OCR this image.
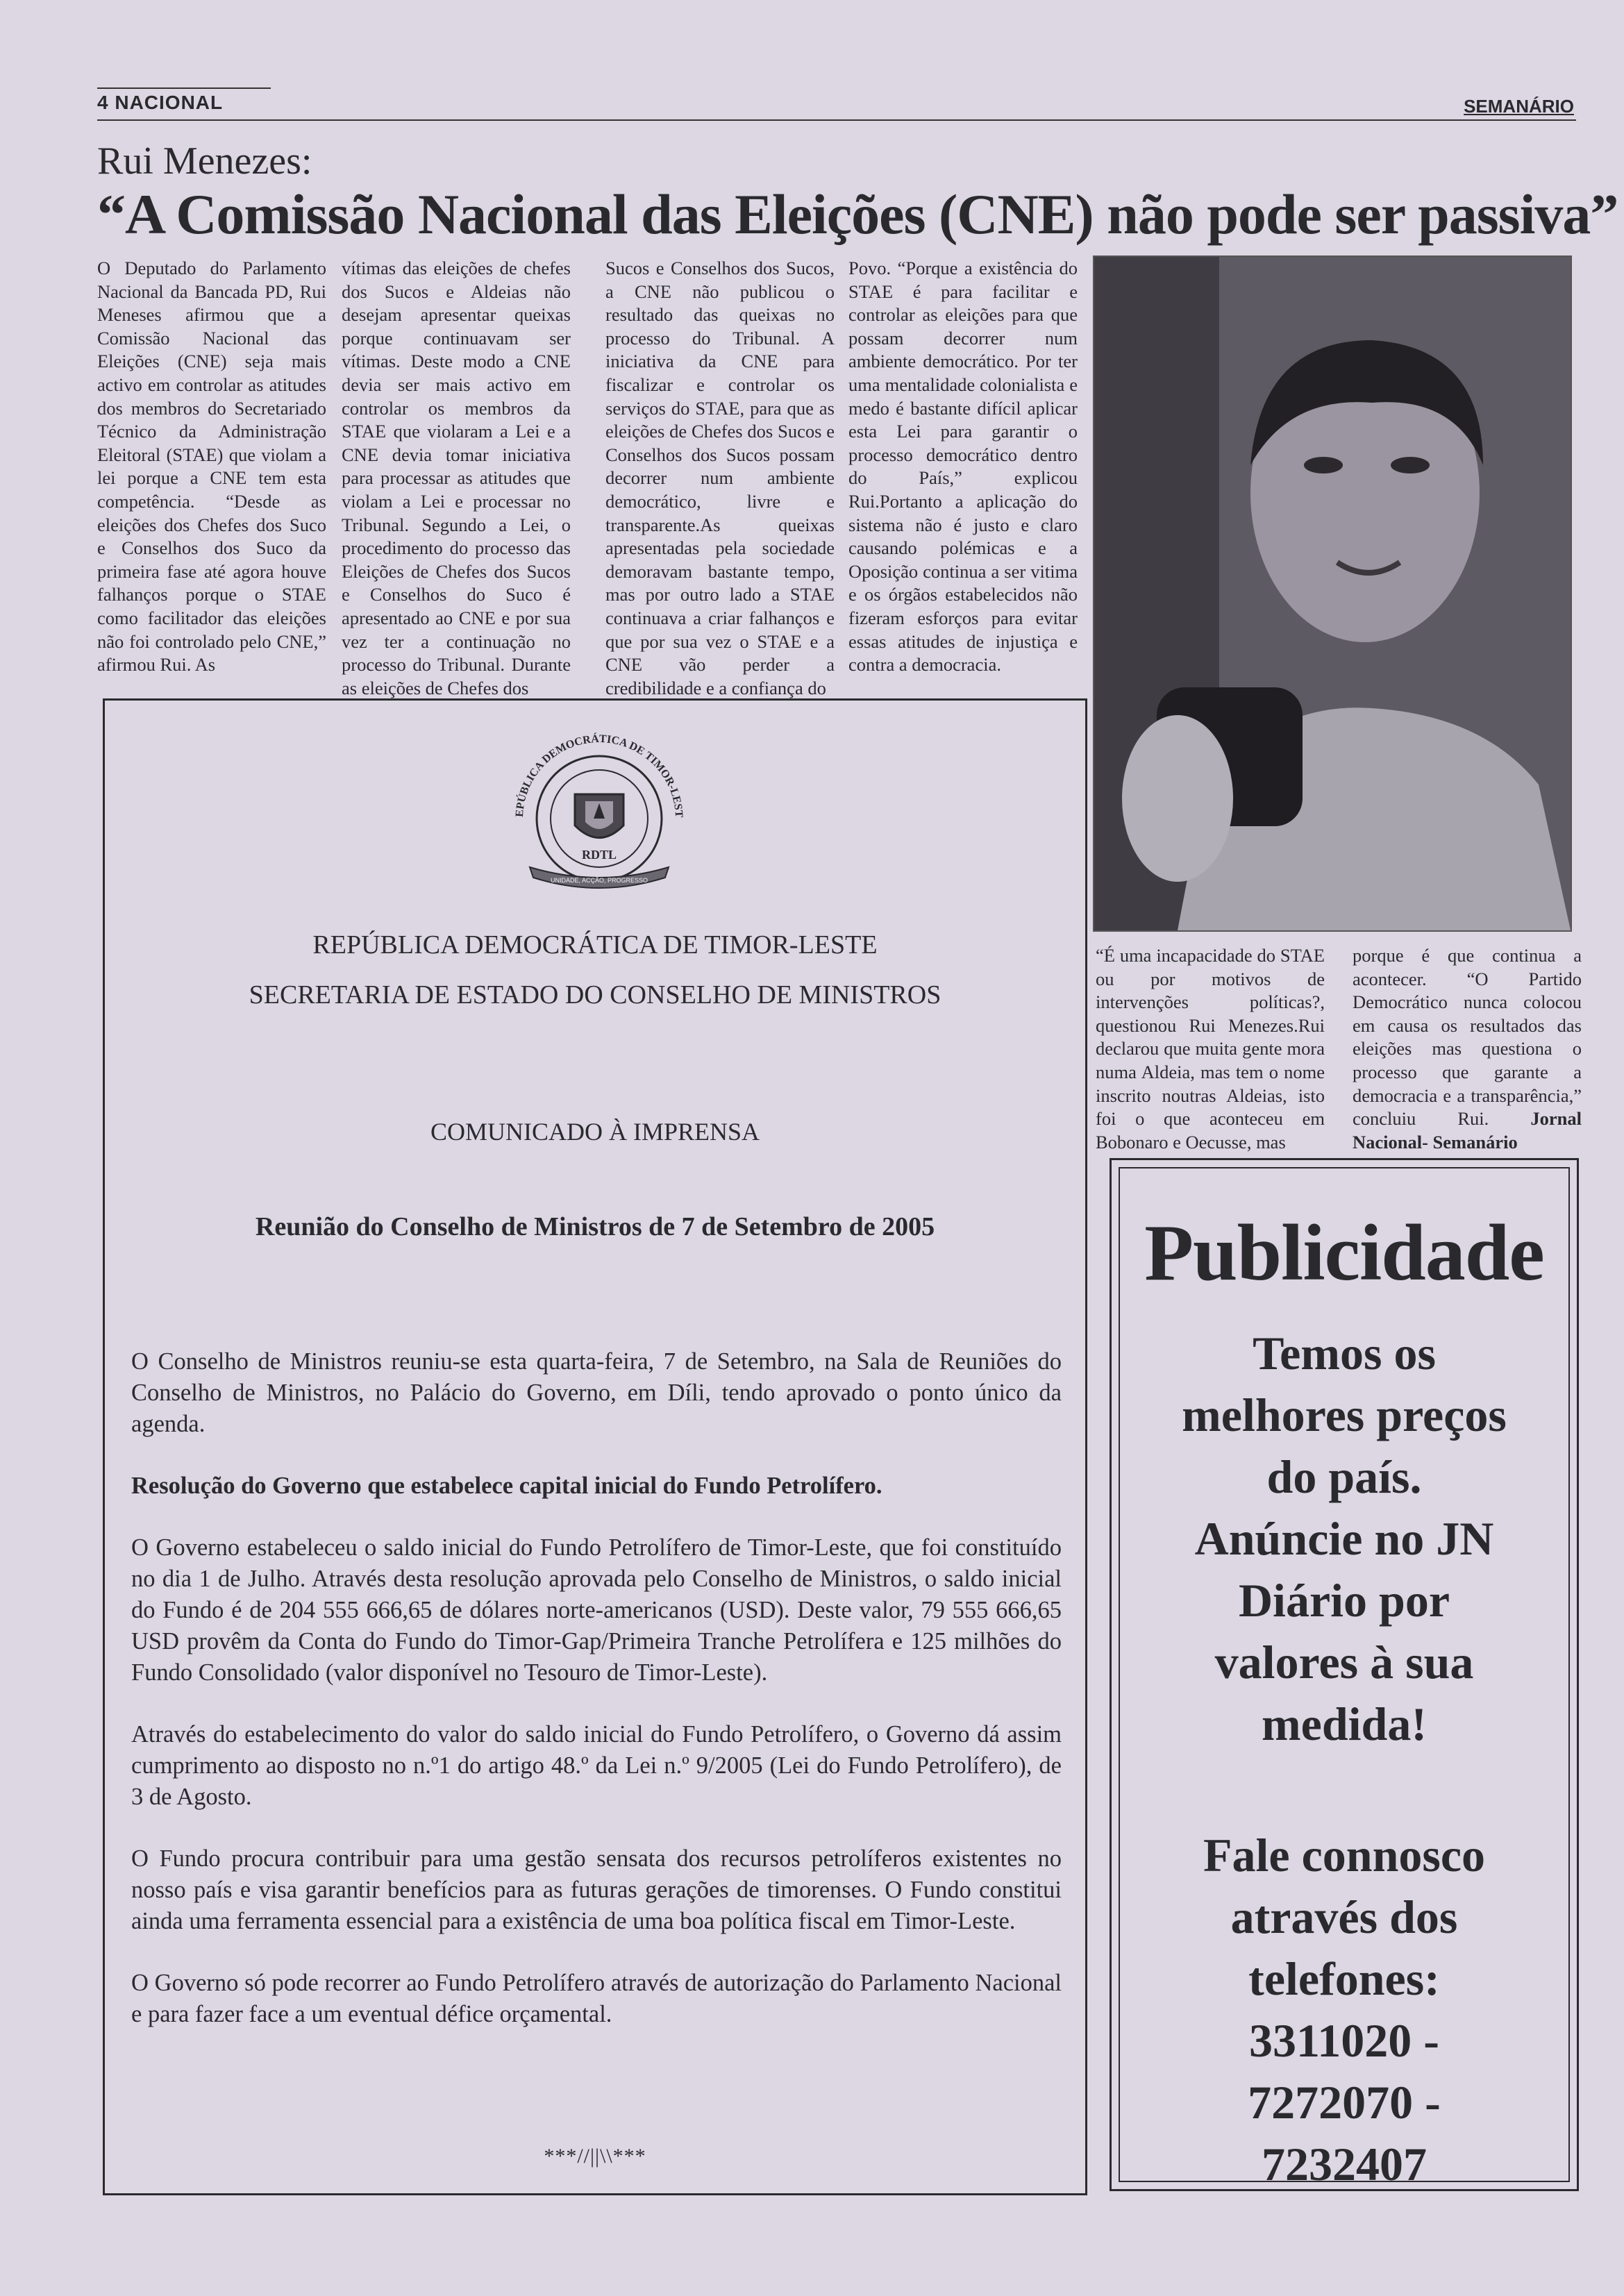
4 NACIONAL	SEMANÁRIO
Rui Menezes:
“A Comissão Nacional das Eleições (CNE) não pode ser passiva”
O Deputado do Parlamento Nacional da Bancada PD, Rui Meneses afirmou que a Comissão Nacional das Eleições (CNE) seja mais activo em controlar as atitudes dos membros do Secretariado Técnico da Administração Eleitoral (STAE) que violam a lei porque a CNE tem esta competência. “Desde as eleições dos Chefes dos Suco e Conselhos dos Suco da primeira fase até agora houve falhanços porque o STAE como facilitador das eleições não foi controlado pelo CNE,” afirmou Rui. As
vítimas das eleições de chefes dos Sucos e Aldeias não desejam apresentar queixas porque continuavam ser vítimas. Deste modo a CNE devia ser mais activo em controlar os membros da STAE que violaram a Lei e a CNE devia tomar iniciativa para processar as atitudes que violam a Lei e processar no Tribunal. Segundo a Lei, o procedimento do processo das Eleições de Chefes dos Sucos e Conselhos do Suco é apresentado ao CNE e por sua vez ter a continuação no processo do Tribunal. Durante as eleições de Chefes dos
Sucos e Conselhos dos Sucos, a CNE não publicou o resultado das queixas no processo do Tribunal. A iniciativa da CNE para fiscalizar e controlar os serviços do STAE, para que as eleições de Chefes dos Sucos e Conselhos dos Sucos possam decorrer num ambiente democrático, livre e transparente.As queixas apresentadas pela sociedade demoravam bastante tempo, mas por outro lado a STAE continuava a criar falhanços e que por sua vez o STAE e a CNE vão perder a credibilidade e a confiança do
Povo. “Porque a existência do STAE é para facilitar e controlar as eleições para que possam decorrer num ambiente democrático. Por ter uma mentalidade colonialista e medo é bastante difícil aplicar esta Lei para garantir o processo democrático dentro do País,” explicou Rui.Portanto a aplicação do sistema não é justo e claro causando polémicas e a Oposição continua a ser vitima e os órgãos estabelecidos não fizeram esforços para evitar essas atitudes de injustiça e contra a democracia.
“É uma incapacidade do STAE ou por motivos de intervenções políticas?, questionou Rui Menezes.Rui declarou que muita gente mora numa Aldeia, mas tem o nome inscrito noutras Aldeias, isto foi o que aconteceu em Bobonaro e Oecusse, mas
porque é que continua a acontecer. “O Partido Democrático nunca colocou em causa os resultados das eleições mas questiona o processo que garante a democracia e a transparência,” concluiu Rui. Jornal Nacional- Semanário
EPÚBLICA DEMOCRÁTICA DE TIMOR-LEST
RDTL
UNIDADE, ACÇÃO, PROGRESSO
REPÚBLICA DEMOCRÁTICA DE TIMOR-LESTE
SECRETARIA DE ESTADO DO CONSELHO DE MINISTROS
COMUNICADO À IMPRENSA
Reunião do Conselho de Ministros de 7 de Setembro de 2005

O Conselho de Ministros reuniu-se esta quarta-feira, 7 de Setembro, na Sala de Reuniões do Conselho de Ministros, no Palácio do Governo, em Díli, tendo aprovado o ponto único da agenda.

Resolução do Governo que estabelece capital inicial do Fundo Petrolífero.

O Governo estabeleceu o saldo inicial do Fundo Petrolífero de Timor-Leste, que foi constituído no dia 1 de Julho. Através desta resolução aprovada pelo Conselho de Ministros, o saldo inicial do Fundo é de 204 555 666,65 de dólares norte-americanos (USD). Deste valor, 79 555 666,65 USD provêm da Conta do Fundo do Timor-Gap/Primeira Tranche Petrolífera e 125 milhões do Fundo Consolidado (valor disponível no Tesouro de Timor-Leste).

Através do estabelecimento do valor do saldo inicial do Fundo Petrolífero, o Governo dá assim cumprimento ao disposto no n.º1 do artigo 48.º da Lei n.º 9/2005 (Lei do Fundo Petrolífero), de 3 de Agosto.

O Fundo procura contribuir para uma gestão sensata dos recursos petrolíferos existentes no nosso país e visa garantir benefícios para as futuras gerações de timorenses. O Fundo constitui ainda uma ferramenta essencial para a existência de uma boa política fiscal em Timor-Leste.

O Governo só pode recorrer ao Fundo Petrolífero através de autorização do Parlamento Nacional e para fazer face a um eventual défice orçamental.

***//||\\***
Publicidade
Temos os
melhores preços
do país.
Anúncie no JN
Diário por
valores à sua
medida!
Fale connosco
através dos
telefones:
3311020 -
7272070 -
7232407
